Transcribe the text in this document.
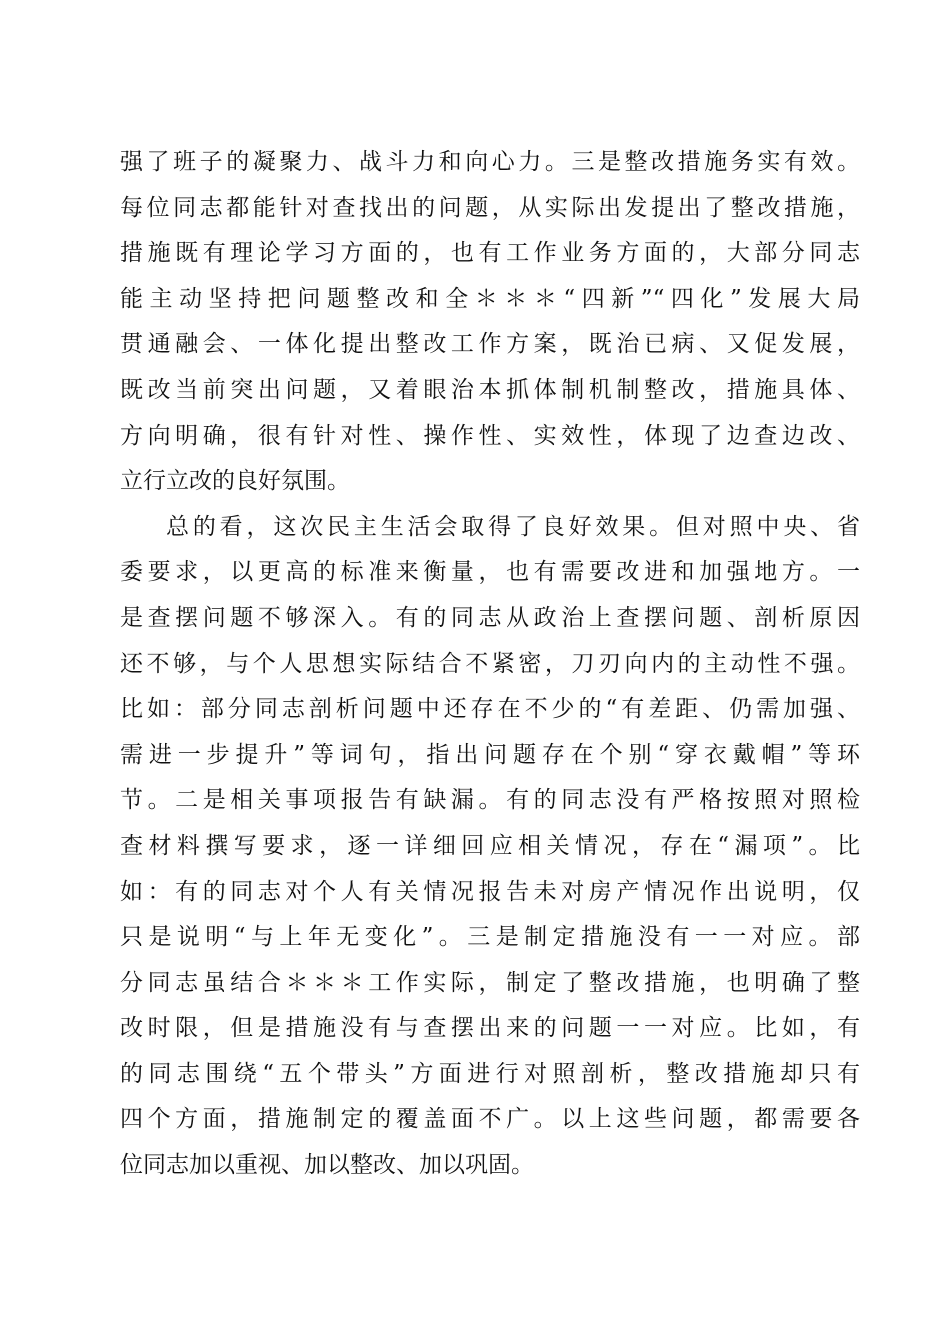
强了班子的凝聚力、战斗力和向心力。三是整改措施务实有效。
每位同志都能针对查找出的问题，从实际出发提出了整改措施，
措施既有理论学习方面的，也有工作业务方面的，大部分同志
能主动坚持把问题整改和全＊＊＊“四新”“四化”发展大局
贯通融会、一体化提出整改工作方案，既治已病、又促发展，
既改当前突出问题，又着眼治本抓体制机制整改，措施具体、
方向明确，很有针对性、操作性、实效性，体现了边查边改、
立行立改的良好氛围。
总的看，这次民主生活会取得了良好效果。但对照中央、省
委要求，以更高的标准来衡量，也有需要改进和加强地方。一
是查摆问题不够深入。有的同志从政治上查摆问题、剖析原因
还不够，与个人思想实际结合不紧密，刀刃向内的主动性不强。
比如：部分同志剖析问题中还存在不少的“有差距、仍需加强、
需进一步提升”等词句，指出问题存在个别“穿衣戴帽”等环
节。二是相关事项报告有缺漏。有的同志没有严格按照对照检
查材料撰写要求，逐一详细回应相关情况，存在“漏项”。比
如：有的同志对个人有关情况报告未对房产情况作出说明，仅
只是说明“与上年无变化”。三是制定措施没有一一对应。部
分同志虽结合＊＊＊工作实际，制定了整改措施，也明确了整
改时限，但是措施没有与查摆出来的问题一一对应。比如，有
的同志围绕“五个带头”方面进行对照剖析，整改措施却只有
四个方面，措施制定的覆盖面不广。以上这些问题，都需要各
位同志加以重视、加以整改、加以巩固。
